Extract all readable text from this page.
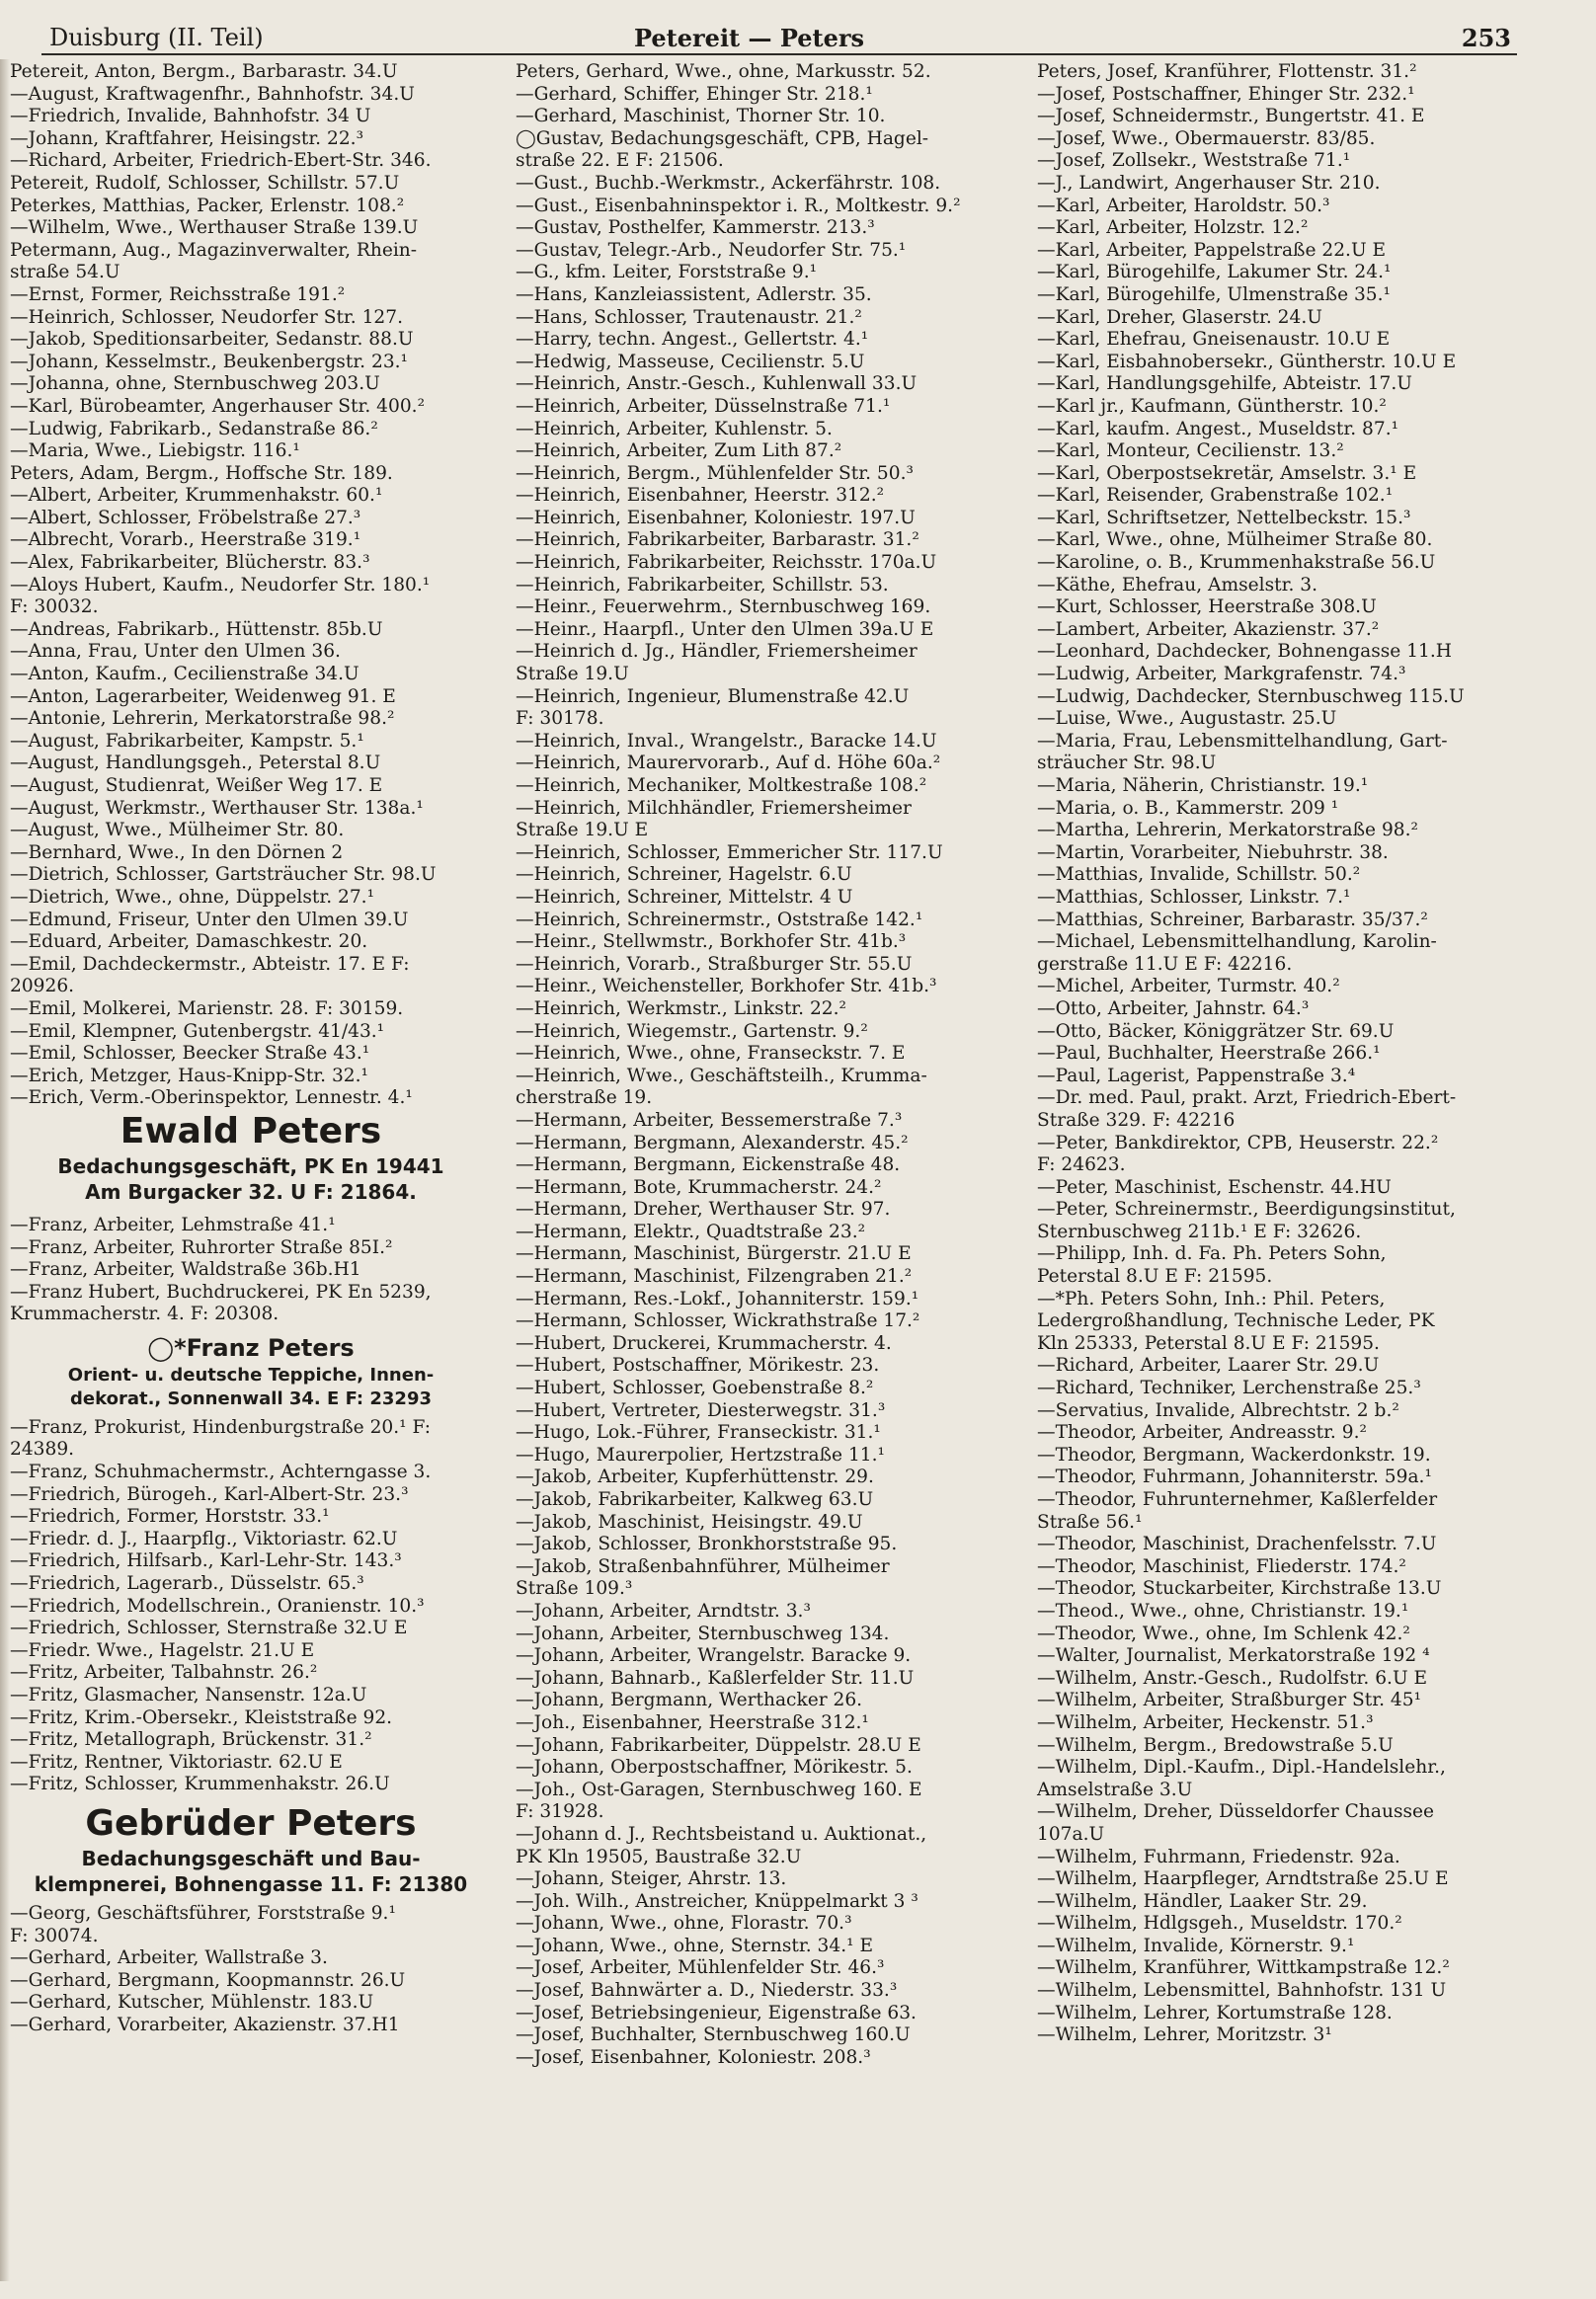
Duisburg (II. Teil)	Petereit — Peters	253
Petereit, Anton, Bergm., Barbarastr. 34.U
—August, Kraftwagenfhr., Bahnhofstr. 34.U
—Friedrich, Invalide, Bahnhofstr. 34 U
—Johann, Kraftfahrer, Heisingstr. 22.³
—Richard, Arbeiter, Friedrich-Ebert-Str. 346.
Petereit, Rudolf, Schlosser, Schillstr. 57.U
Peterkes, Matthias, Packer, Erlenstr. 108.²
—Wilhelm, Wwe., Werthauser Straße 139.U
Petermann, Aug., Magazinverwalter, Rhein-
straße 54.U
—Ernst, Former, Reichsstraße 191.²
—Heinrich, Schlosser, Neudorfer Str. 127.
—Jakob, Speditionsarbeiter, Sedanstr. 88.U
—Johann, Kesselmstr., Beukenbergstr. 23.¹
—Johanna, ohne, Sternbuschweg 203.U
—Karl, Bürobeamter, Angerhauser Str. 400.²
—Ludwig, Fabrikarb., Sedanstraße 86.²
—Maria, Wwe., Liebigstr. 116.¹
Peters, Adam, Bergm., Hoffsche Str. 189.
—Albert, Arbeiter, Krummenhakstr. 60.¹
—Albert, Schlosser, Fröbelstraße 27.³
—Albrecht, Vorarb., Heerstraße 319.¹
—Alex, Fabrikarbeiter, Blücherstr. 83.³
—Aloys Hubert, Kaufm., Neudorfer Str. 180.¹
F: 30032.
—Andreas, Fabrikarb., Hüttenstr. 85b.U
—Anna, Frau, Unter den Ulmen 36.
—Anton, Kaufm., Cecilienstraße 34.U
—Anton, Lagerarbeiter, Weidenweg 91. E
—Antonie, Lehrerin, Merkatorstraße 98.²
—August, Fabrikarbeiter, Kampstr. 5.¹
—August, Handlungsgeh., Peterstal 8.U
—August, Studienrat, Weißer Weg 17. E
—August, Werkmstr., Werthauser Str. 138a.¹
—August, Wwe., Mülheimer Str. 80.
—Bernhard, Wwe., In den Dörnen 2
—Dietrich, Schlosser, Gartsträucher Str. 98.U
—Dietrich, Wwe., ohne, Düppelstr. 27.¹
—Edmund, Friseur, Unter den Ulmen 39.U
—Eduard, Arbeiter, Damaschkestr. 20.
—Emil, Dachdeckermstr., Abteistr. 17. E F:
20926.
—Emil, Molkerei, Marienstr. 28. F: 30159.
—Emil, Klempner, Gutenbergstr. 41/43.¹
—Emil, Schlosser, Beecker Straße 43.¹
—Erich, Metzger, Haus-Knipp-Str. 32.¹
—Erich, Verm.-Oberinspektor, Lennestr. 4.¹
Ewald Peters
Bedachungsgeschäft, PK En 19441
Am Burgacker 32. U F: 21864.
—Franz, Arbeiter, Lehmstraße 41.¹
—Franz, Arbeiter, Ruhrorter Straße 85I.²
—Franz, Arbeiter, Waldstraße 36b.H1
—Franz Hubert, Buchdruckerei, PK En 5239,
Krummacherstr. 4. F: 20308.
◯*Franz Peters
Orient- u. deutsche Teppiche, Innen-
dekorat., Sonnenwall 34. E F: 23293
—Franz, Prokurist, Hindenburgstraße 20.¹ F:
24389.
—Franz, Schuhmachermstr., Achterngasse 3.
—Friedrich, Bürogeh., Karl-Albert-Str. 23.³
—Friedrich, Former, Horststr. 33.¹
—Friedr. d. J., Haarpflg., Viktoriastr. 62.U
—Friedrich, Hilfsarb., Karl-Lehr-Str. 143.³
—Friedrich, Lagerarb., Düsselstr. 65.³
—Friedrich, Modellschrein., Oranienstr. 10.³
—Friedrich, Schlosser, Sternstraße 32.U E
—Friedr. Wwe., Hagelstr. 21.U E
—Fritz, Arbeiter, Talbahnstr. 26.²
—Fritz, Glasmacher, Nansenstr. 12a.U
—Fritz, Krim.-Obersekr., Kleiststraße 92.
—Fritz, Metallograph, Brückenstr. 31.²
—Fritz, Rentner, Viktoriastr. 62.U E
—Fritz, Schlosser, Krummenhakstr. 26.U
Gebrüder Peters
Bedachungsgeschäft und Bau-
klempnerei, Bohnengasse 11. F: 21380
—Georg, Geschäftsführer, Forststraße 9.¹
F: 30074.
—Gerhard, Arbeiter, Wallstraße 3.
—Gerhard, Bergmann, Koopmannstr. 26.U
—Gerhard, Kutscher, Mühlenstr. 183.U
—Gerhard, Vorarbeiter, Akazienstr. 37.H1
Peters, Gerhard, Wwe., ohne, Markusstr. 52.
—Gerhard, Schiffer, Ehinger Str. 218.¹
—Gerhard, Maschinist, Thorner Str. 10.
◯Gustav, Bedachungsgeschäft, CPB, Hagel-
straße 22. E F: 21506.
—Gust., Buchb.-Werkmstr., Ackerfährstr. 108.
—Gust., Eisenbahninspektor i. R., Moltkestr. 9.²
—Gustav, Posthelfer, Kammerstr. 213.³
—Gustav, Telegr.-Arb., Neudorfer Str. 75.¹
—G., kfm. Leiter, Forststraße 9.¹
—Hans, Kanzleiassistent, Adlerstr. 35.
—Hans, Schlosser, Trautenaustr. 21.²
—Harry, techn. Angest., Gellertstr. 4.¹
—Hedwig, Masseuse, Cecilienstr. 5.U
—Heinrich, Anstr.-Gesch., Kuhlenwall 33.U
—Heinrich, Arbeiter, Düsselnstraße 71.¹
—Heinrich, Arbeiter, Kuhlenstr. 5.
—Heinrich, Arbeiter, Zum Lith 87.²
—Heinrich, Bergm., Mühlenfelder Str. 50.³
—Heinrich, Eisenbahner, Heerstr. 312.²
—Heinrich, Eisenbahner, Koloniestr. 197.U
—Heinrich, Fabrikarbeiter, Barbarastr. 31.²
—Heinrich, Fabrikarbeiter, Reichsstr. 170a.U
—Heinrich, Fabrikarbeiter, Schillstr. 53.
—Heinr., Feuerwehrm., Sternbuschweg 169.
—Heinr., Haarpfl., Unter den Ulmen 39a.U E
—Heinrich d. Jg., Händler, Friemersheimer
Straße 19.U
—Heinrich, Ingenieur, Blumenstraße 42.U
F: 30178.
—Heinrich, Inval., Wrangelstr., Baracke 14.U
—Heinrich, Maurervorarb., Auf d. Höhe 60a.²
—Heinrich, Mechaniker, Moltkestraße 108.²
—Heinrich, Milchhändler, Friemersheimer
Straße 19.U E
—Heinrich, Schlosser, Emmericher Str. 117.U
—Heinrich, Schreiner, Hagelstr. 6.U
—Heinrich, Schreiner, Mittelstr. 4 U
—Heinrich, Schreinermstr., Oststraße 142.¹
—Heinr., Stellwmstr., Borkhofer Str. 41b.³
—Heinrich, Vorarb., Straßburger Str. 55.U
—Heinr., Weichensteller, Borkhofer Str. 41b.³
—Heinrich, Werkmstr., Linkstr. 22.²
—Heinrich, Wiegemstr., Gartenstr. 9.²
—Heinrich, Wwe., ohne, Franseckstr. 7. E
—Heinrich, Wwe., Geschäftsteilh., Krumma-
cherstraße 19.
—Hermann, Arbeiter, Bessemerstraße 7.³
—Hermann, Bergmann, Alexanderstr. 45.²
—Hermann, Bergmann, Eickenstraße 48.
—Hermann, Bote, Krummacherstr. 24.²
—Hermann, Dreher, Werthauser Str. 97.
—Hermann, Elektr., Quadtstraße 23.²
—Hermann, Maschinist, Bürgerstr. 21.U E
—Hermann, Maschinist, Filzengraben 21.²
—Hermann, Res.-Lokf., Johanniterstr. 159.¹
—Hermann, Schlosser, Wickrathstraße 17.²
—Hubert, Druckerei, Krummacherstr. 4.
—Hubert, Postschaffner, Mörikestr. 23.
—Hubert, Schlosser, Goebenstraße 8.²
—Hubert, Vertreter, Diesterwegstr. 31.³
—Hugo, Lok.-Führer, Franseckistr. 31.¹
—Hugo, Maurerpolier, Hertzstraße 11.¹
—Jakob, Arbeiter, Kupferhüttenstr. 29.
—Jakob, Fabrikarbeiter, Kalkweg 63.U
—Jakob, Maschinist, Heisingstr. 49.U
—Jakob, Schlosser, Bronkhorststraße 95.
—Jakob, Straßenbahnführer, Mülheimer
Straße 109.³
—Johann, Arbeiter, Arndtstr. 3.³
—Johann, Arbeiter, Sternbuschweg 134.
—Johann, Arbeiter, Wrangelstr. Baracke 9.
—Johann, Bahnarb., Kaßlerfelder Str. 11.U
—Johann, Bergmann, Werthacker 26.
—Joh., Eisenbahner, Heerstraße 312.¹
—Johann, Fabrikarbeiter, Düppelstr. 28.U E
—Johann, Oberpostschaffner, Mörikestr. 5.
—Joh., Ost-Garagen, Sternbuschweg 160. E
F: 31928.
—Johann d. J., Rechtsbeistand u. Auktionat.,
PK Kln 19505, Baustraße 32.U
—Johann, Steiger, Ahrstr. 13.
—Joh. Wilh., Anstreicher, Knüppelmarkt 3 ³
—Johann, Wwe., ohne, Florastr. 70.³
—Johann, Wwe., ohne, Sternstr. 34.¹ E
—Josef, Arbeiter, Mühlenfelder Str. 46.³
—Josef, Bahnwärter a. D., Niederstr. 33.³
—Josef, Betriebsingenieur, Eigenstraße 63.
—Josef, Buchhalter, Sternbuschweg 160.U
—Josef, Eisenbahner, Koloniestr. 208.³
Peters, Josef, Kranführer, Flottenstr. 31.²
—Josef, Postschaffner, Ehinger Str. 232.¹
—Josef, Schneidermstr., Bungertstr. 41. E
—Josef, Wwe., Obermauerstr. 83/85.
—Josef, Zollsekr., Weststraße 71.¹
—J., Landwirt, Angerhauser Str. 210.
—Karl, Arbeiter, Haroldstr. 50.³
—Karl, Arbeiter, Holzstr. 12.²
—Karl, Arbeiter, Pappelstraße 22.U E
—Karl, Bürogehilfe, Lakumer Str. 24.¹
—Karl, Bürogehilfe, Ulmenstraße 35.¹
—Karl, Dreher, Glaserstr. 24.U
—Karl, Ehefrau, Gneisenaustr. 10.U E
—Karl, Eisbahnobersekr., Güntherstr. 10.U E
—Karl, Handlungsgehilfe, Abteistr. 17.U
—Karl jr., Kaufmann, Güntherstr. 10.²
—Karl, kaufm. Angest., Museldstr. 87.¹
—Karl, Monteur, Cecilienstr. 13.²
—Karl, Oberpostsekretär, Amselstr. 3.¹ E
—Karl, Reisender, Grabenstraße 102.¹
—Karl, Schriftsetzer, Nettelbeckstr. 15.³
—Karl, Wwe., ohne, Mülheimer Straße 80.
—Karoline, o. B., Krummenhakstraße 56.U
—Käthe, Ehefrau, Amselstr. 3.
—Kurt, Schlosser, Heerstraße 308.U
—Lambert, Arbeiter, Akazienstr. 37.²
—Leonhard, Dachdecker, Bohnengasse 11.H
—Ludwig, Arbeiter, Markgrafenstr. 74.³
—Ludwig, Dachdecker, Sternbuschweg 115.U
—Luise, Wwe., Augustastr. 25.U
—Maria, Frau, Lebensmittelhandlung, Gart-
sträucher Str. 98.U
—Maria, Näherin, Christianstr. 19.¹
—Maria, o. B., Kammerstr. 209 ¹
—Martha, Lehrerin, Merkatorstraße 98.²
—Martin, Vorarbeiter, Niebuhrstr. 38.
—Matthias, Invalide, Schillstr. 50.²
—Matthias, Schlosser, Linkstr. 7.¹
—Matthias, Schreiner, Barbarastr. 35/37.²
—Michael, Lebensmittelhandlung, Karolin-
gerstraße 11.U E F: 42216.
—Michel, Arbeiter, Turmstr. 40.²
—Otto, Arbeiter, Jahnstr. 64.³
—Otto, Bäcker, Königgrätzer Str. 69.U
—Paul, Buchhalter, Heerstraße 266.¹
—Paul, Lagerist, Pappenstraße 3.⁴
—Dr. med. Paul, prakt. Arzt, Friedrich-Ebert-
Straße 329. F: 42216
—Peter, Bankdirektor, CPB, Heuserstr. 22.²
F: 24623.
—Peter, Maschinist, Eschenstr. 44.HU
—Peter, Schreinermstr., Beerdigungsinstitut,
Sternbuschweg 211b.¹ E F: 32626.
—Philipp, Inh. d. Fa. Ph. Peters Sohn,
Peterstal 8.U E F: 21595.
—*Ph. Peters Sohn, Inh.: Phil. Peters,
Ledergroßhandlung, Technische Leder, PK
Kln 25333, Peterstal 8.U E F: 21595.
—Richard, Arbeiter, Laarer Str. 29.U
—Richard, Techniker, Lerchenstraße 25.³
—Servatius, Invalide, Albrechtstr. 2 b.²
—Theodor, Arbeiter, Andreasstr. 9.²
—Theodor, Bergmann, Wackerdonkstr. 19.
—Theodor, Fuhrmann, Johanniterstr. 59a.¹
—Theodor, Fuhrunternehmer, Kaßlerfelder
Straße 56.¹
—Theodor, Maschinist, Drachenfelsstr. 7.U
—Theodor, Maschinist, Fliederstr. 174.²
—Theodor, Stuckarbeiter, Kirchstraße 13.U
—Theod., Wwe., ohne, Christianstr. 19.¹
—Theodor, Wwe., ohne, Im Schlenk 42.²
—Walter, Journalist, Merkatorstraße 192 ⁴
—Wilhelm, Anstr.-Gesch., Rudolfstr. 6.U E
—Wilhelm, Arbeiter, Straßburger Str. 45¹
—Wilhelm, Arbeiter, Heckenstr. 51.³
—Wilhelm, Bergm., Bredowstraße 5.U
—Wilhelm, Dipl.-Kaufm., Dipl.-Handelslehr.,
Amselstraße 3.U
—Wilhelm, Dreher, Düsseldorfer Chaussee
107a.U
—Wilhelm, Fuhrmann, Friedenstr. 92a.
—Wilhelm, Haarpfleger, Arndtstraße 25.U E
—Wilhelm, Händler, Laaker Str. 29.
—Wilhelm, Hdlgsgeh., Museldstr. 170.²
—Wilhelm, Invalide, Körnerstr. 9.¹
—Wilhelm, Kranführer, Wittkampstraße 12.²
—Wilhelm, Lebensmittel, Bahnhofstr. 131 U
—Wilhelm, Lehrer, Kortumstraße 128.
—Wilhelm, Lehrer, Moritzstr. 3¹
